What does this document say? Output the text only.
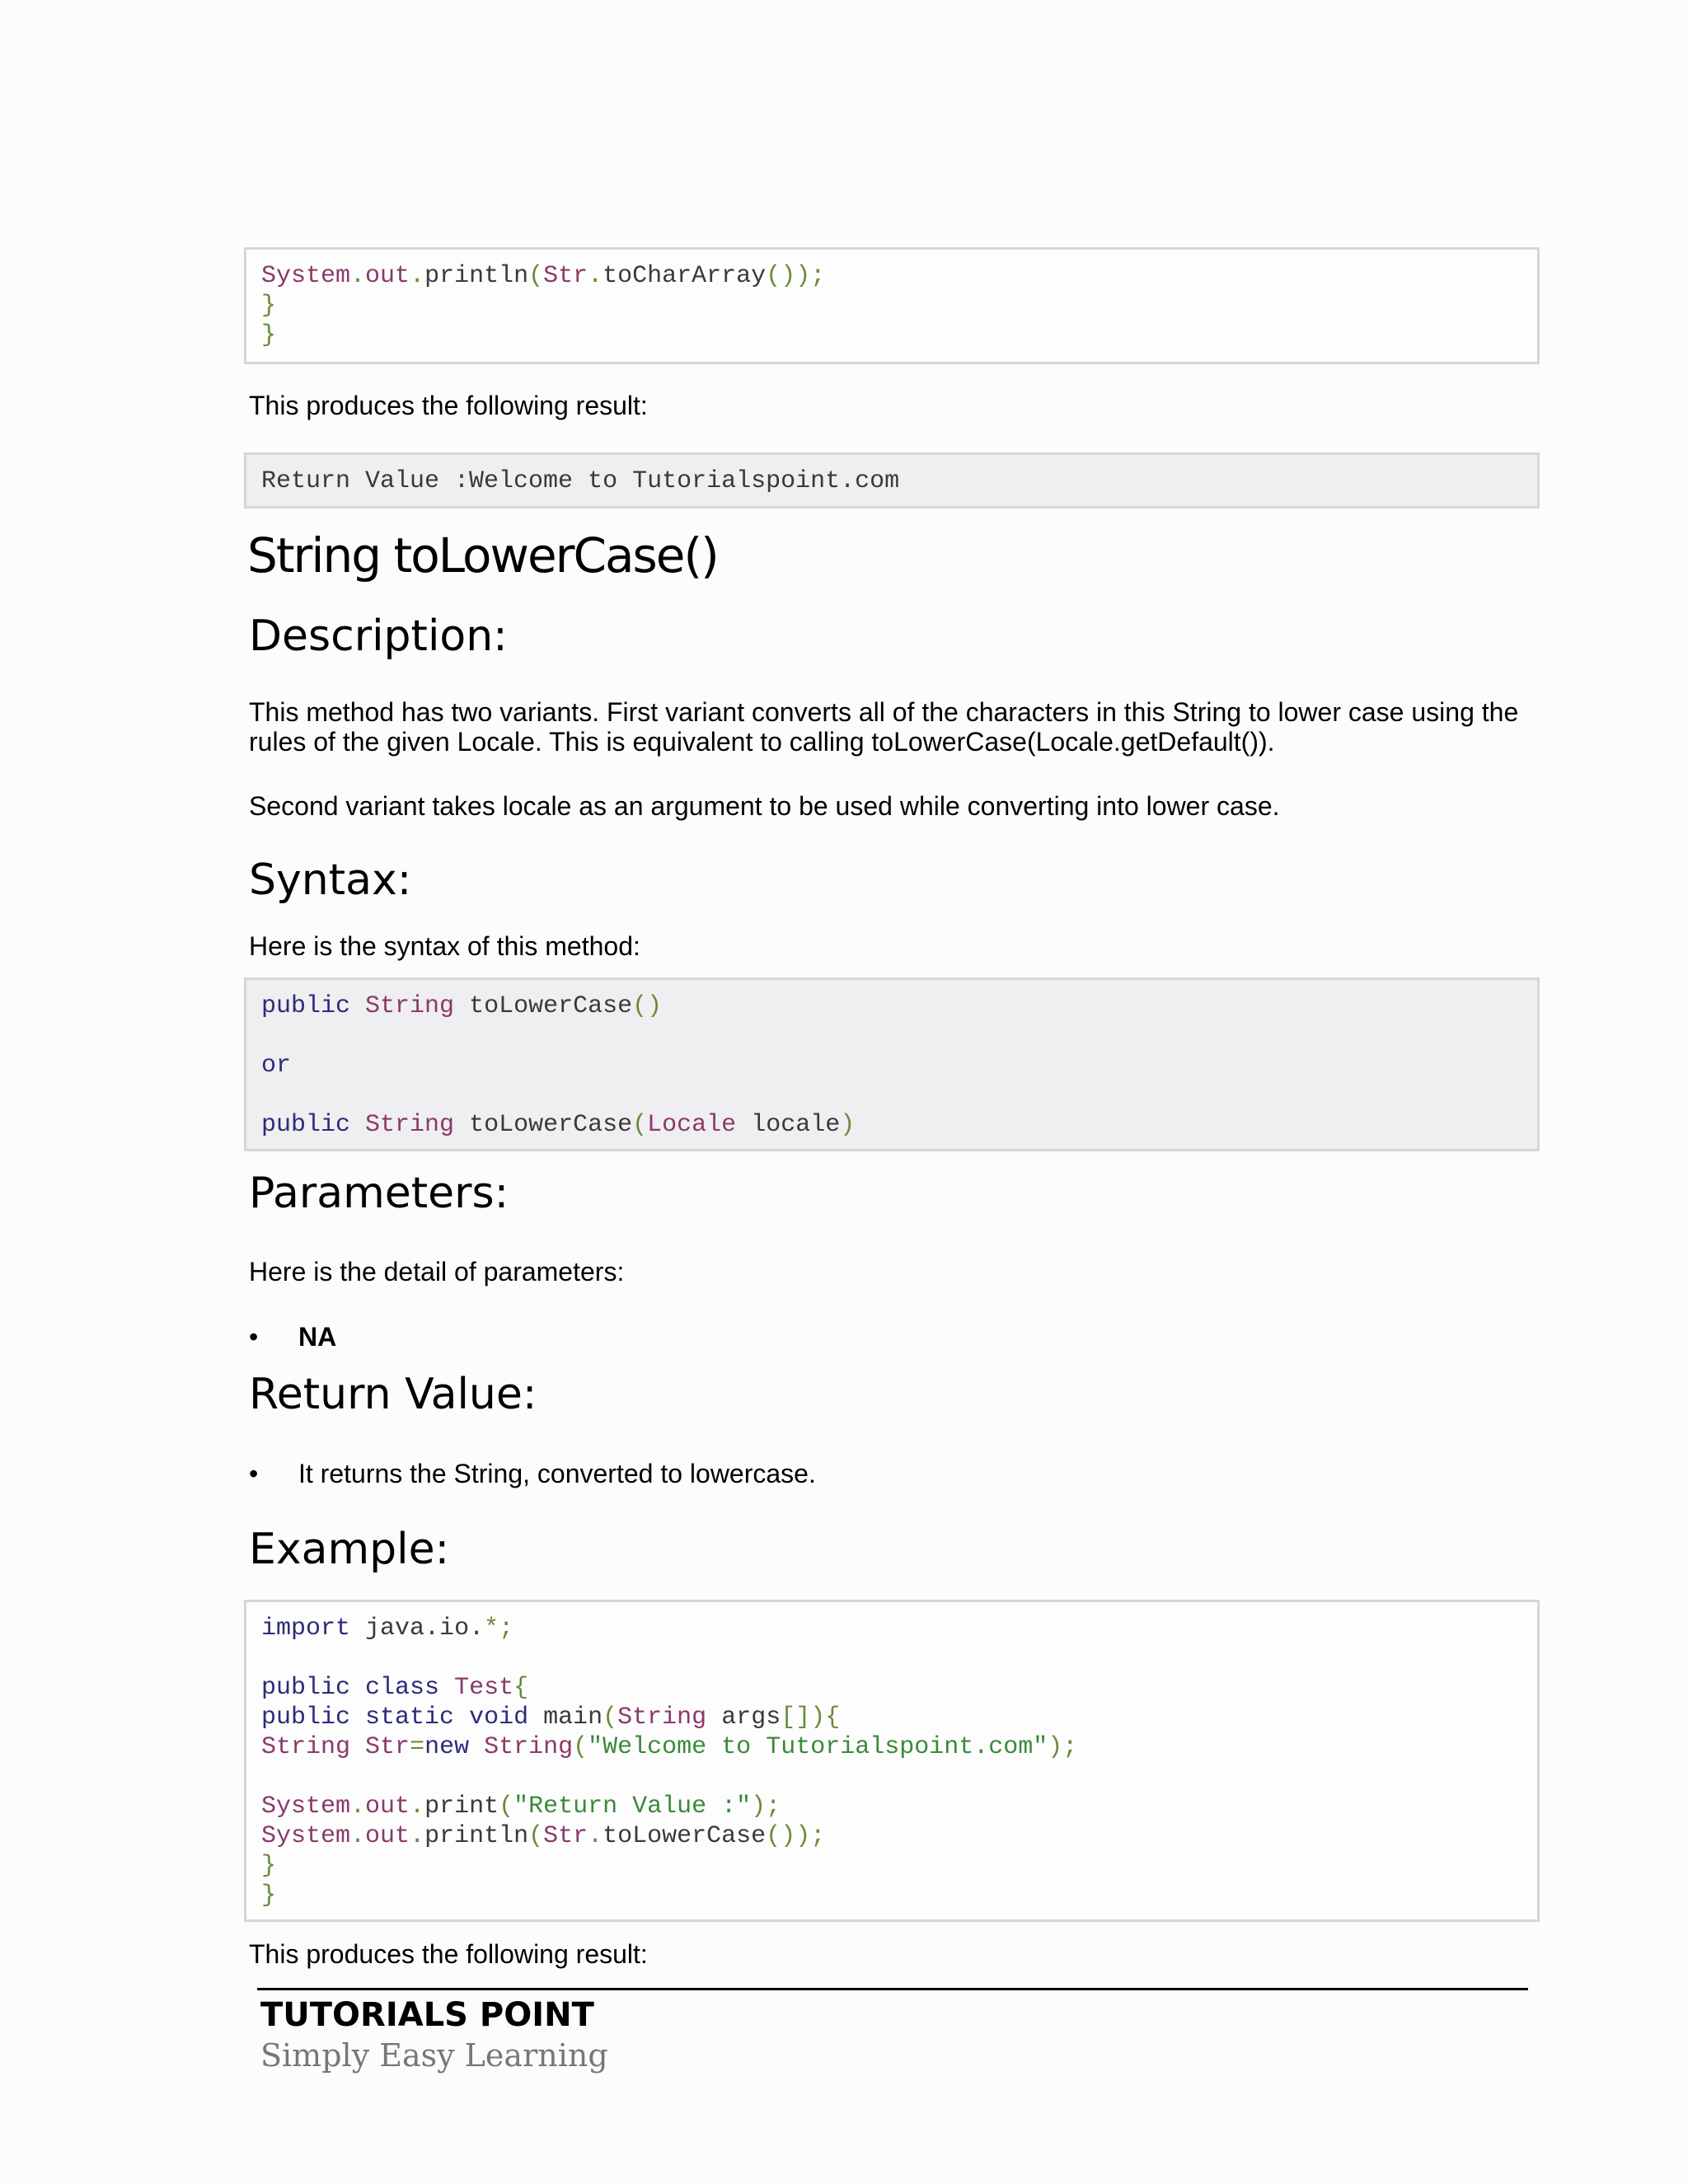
System.out.println(Str.toCharArray());
}
}
This produces the following result:
Return Value :Welcome to Tutorialspoint.com
String toLowerCase()
Description:
This method has two variants. First variant converts all of the characters in this String to lower case using the
rules of the given Locale. This is equivalent to calling toLowerCase(Locale.getDefault()).
Second variant takes locale as an argument to be used while converting into lower case.
Syntax:
Here is the syntax of this method:
public String toLowerCase()
or
public String toLowerCase(Locale locale)
Parameters:
Here is the detail of parameters:
• NA
Return Value:
• It returns the String, converted to lowercase.
Example:
import java.io.*;
public class Test{
public static void main(String args[]){
String Str=new String("Welcome to Tutorialspoint.com");
System.out.print("Return Value :");
System.out.println(Str.toLowerCase());
}
}
This produces the following result:
TUTORIALS POINT
Simply Easy Learning
